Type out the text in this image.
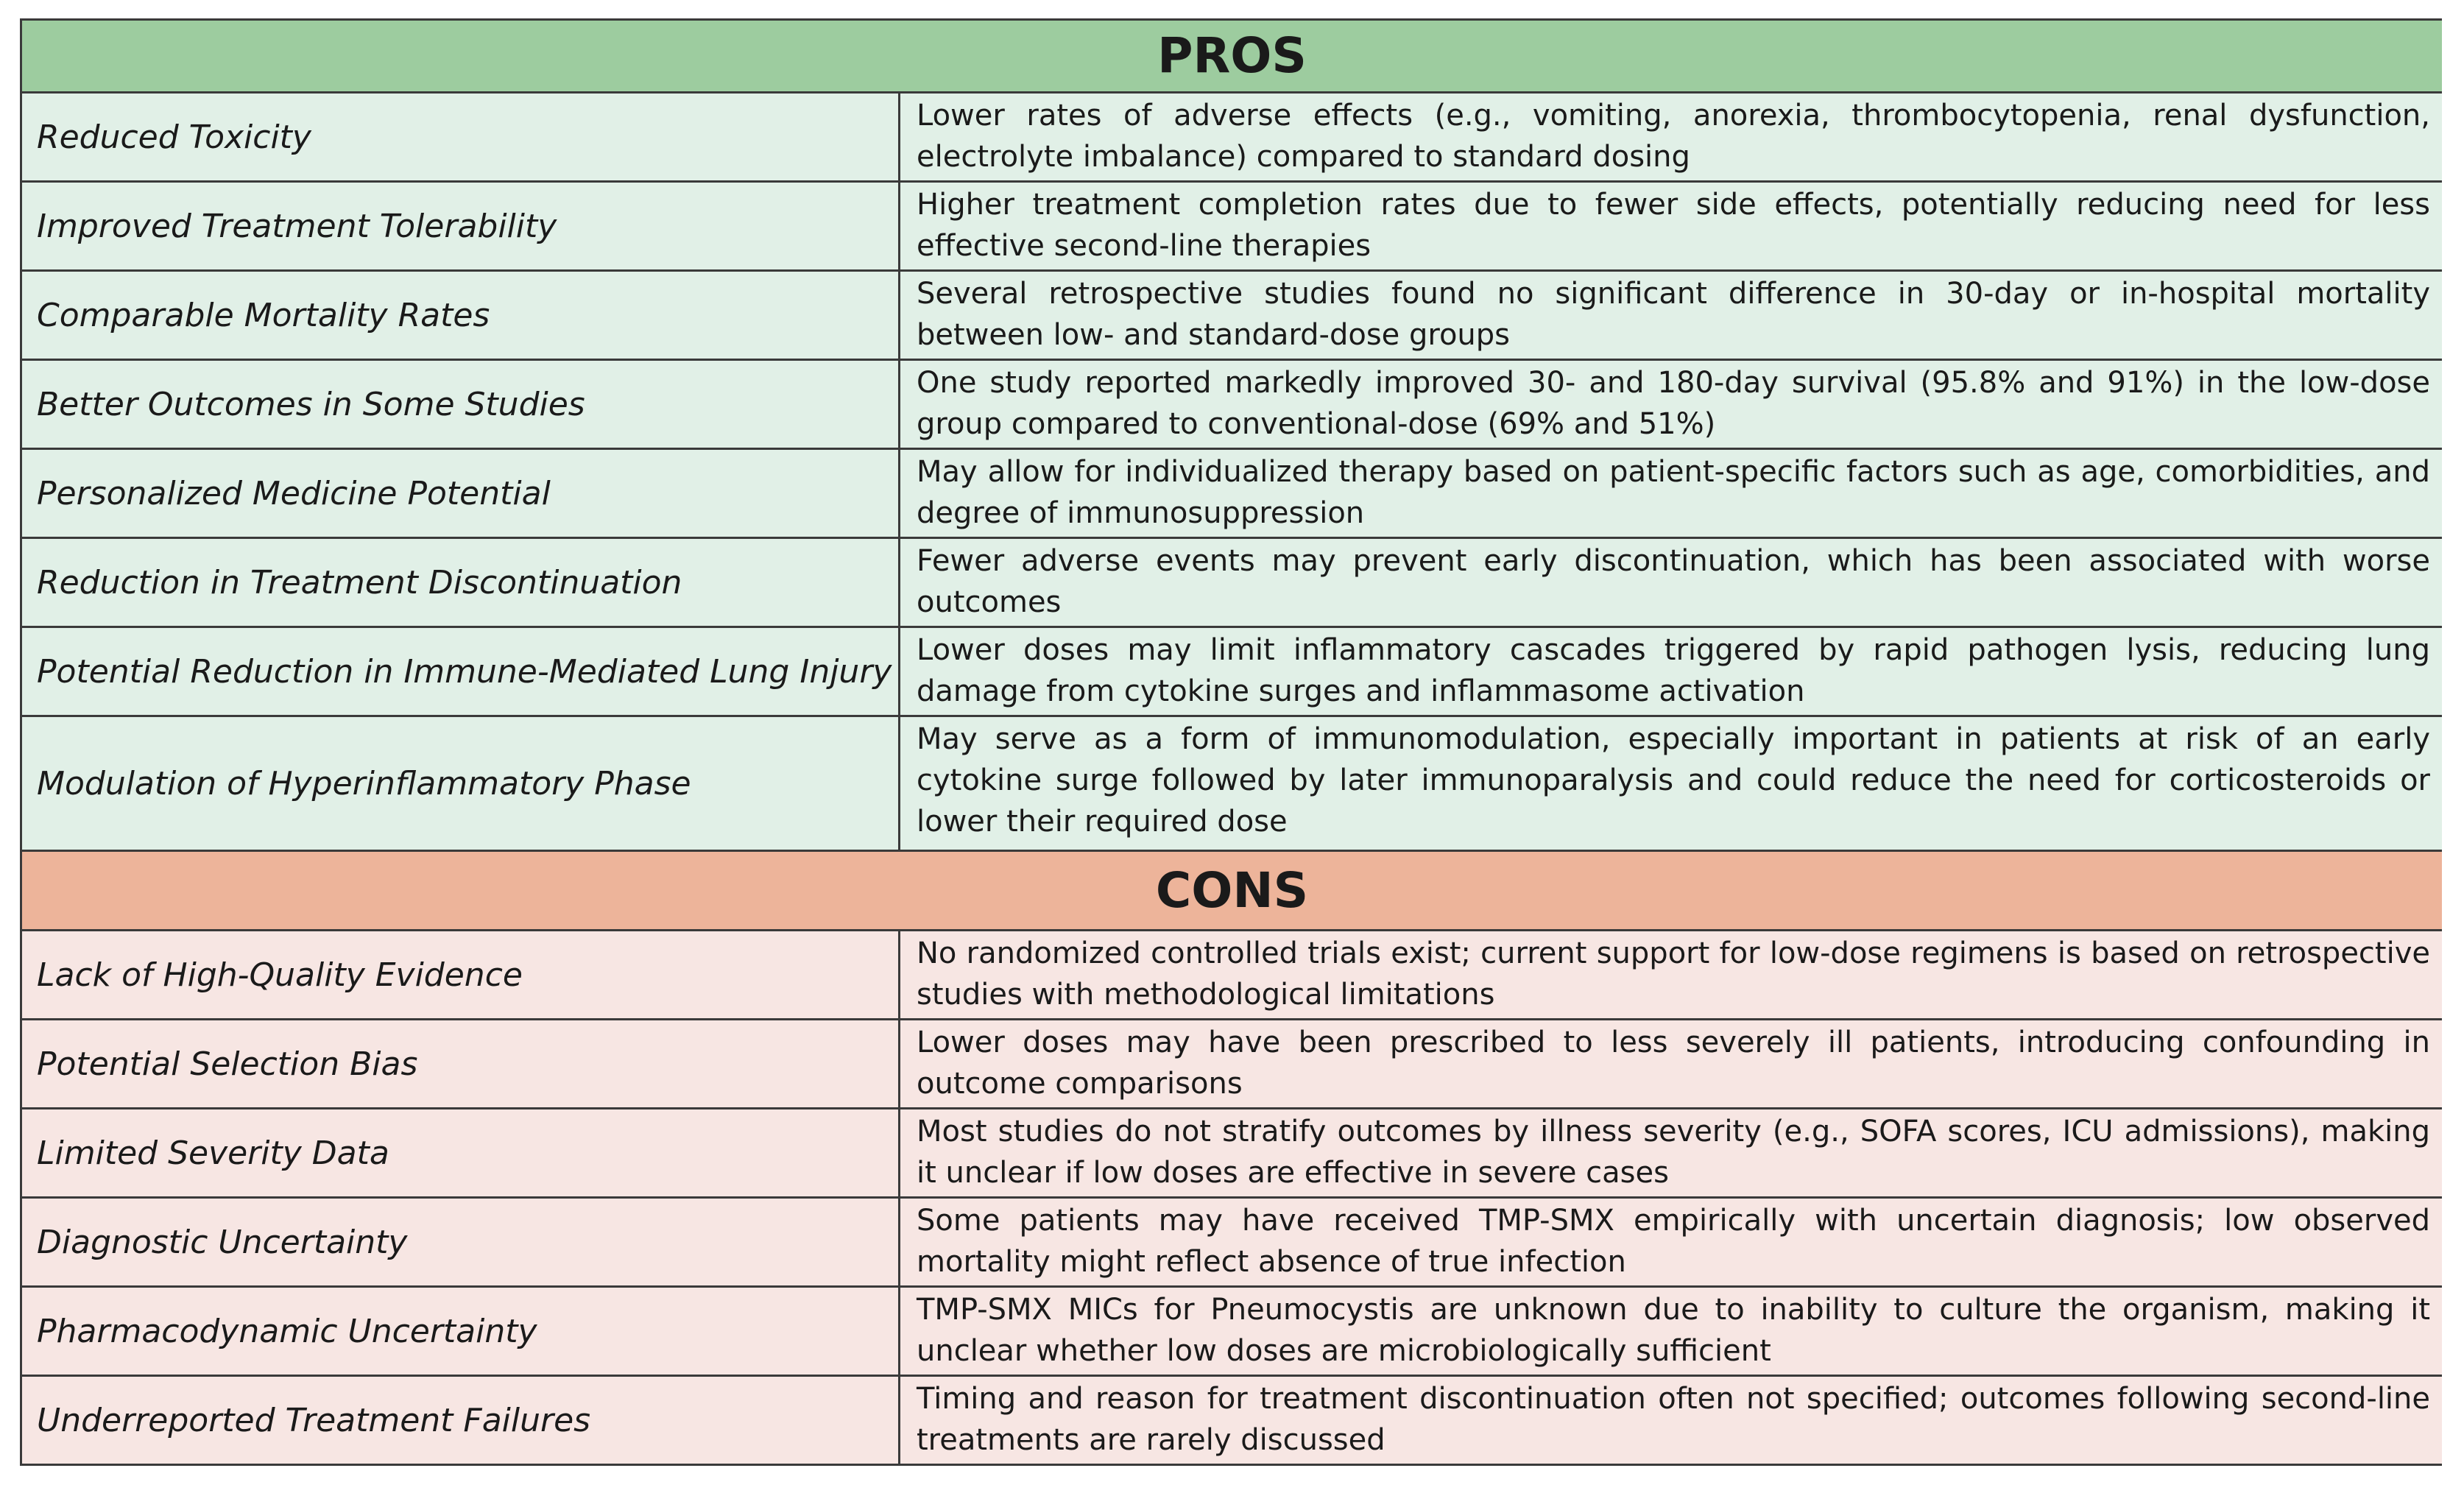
PROS	
Reduced Toxicity	Lower rates of adverse effects (e.g., vomiting, anorexia, thrombocytopenia, renal dysfunction, electrolyte imbalance) compared to standard dosing
Improved Treatment Tolerability	Higher treatment completion rates due to fewer side effects, potentially reducing need for less effective second-line therapies
Comparable Mortality Rates	Several retrospective studies found no significant difference in 30-day or in-hospital mortality between low- and standard-dose groups
Better Outcomes in Some Studies	One study reported markedly improved 30- and 180-day survival (95.8% and 91%) in the low-dose group compared to conventional-dose (69% and 51%)
Personalized Medicine Potential	May allow for individualized therapy based on patient-specific factors such as age, comorbidities, and degree of immunosuppression
Reduction in Treatment Discontinuation	Fewer adverse events may prevent early discontinuation, which has been associated with worse outcomes
Potential Reduction in Immune-Mediated Lung Injury	Lower doses may limit inflammatory cascades triggered by rapid pathogen lysis, reducing lung damage from cytokine surges and inflammasome activation
Modulation of Hyperinflammatory Phase	May serve as a form of immunomodulation, especially important in patients at risk of an early cytokine surge followed by later immunoparalysis and could reduce the need for corticosteroids or lower their required dose
CONS	
Lack of High-Quality Evidence	No randomized controlled trials exist; current support for low-dose regimens is based on retrospective studies with methodological limitations
Potential Selection Bias	Lower doses may have been prescribed to less severely ill patients, introducing confounding in outcome comparisons
Limited Severity Data	Most studies do not stratify outcomes by illness severity (e.g., SOFA scores, ICU admissions), making it unclear if low doses are effective in severe cases
Diagnostic Uncertainty	Some patients may have received TMP-SMX empirically with uncertain diagnosis; low observed mortality might reflect absence of true infection
Pharmacodynamic Uncertainty	TMP-SMX MICs for Pneumocystis are unknown due to inability to culture the organism, making it unclear whether low doses are microbiologically sufficient
Underreported Treatment Failures	Timing and reason for treatment discontinuation often not specified; outcomes following second-line treatments are rarely discussed
